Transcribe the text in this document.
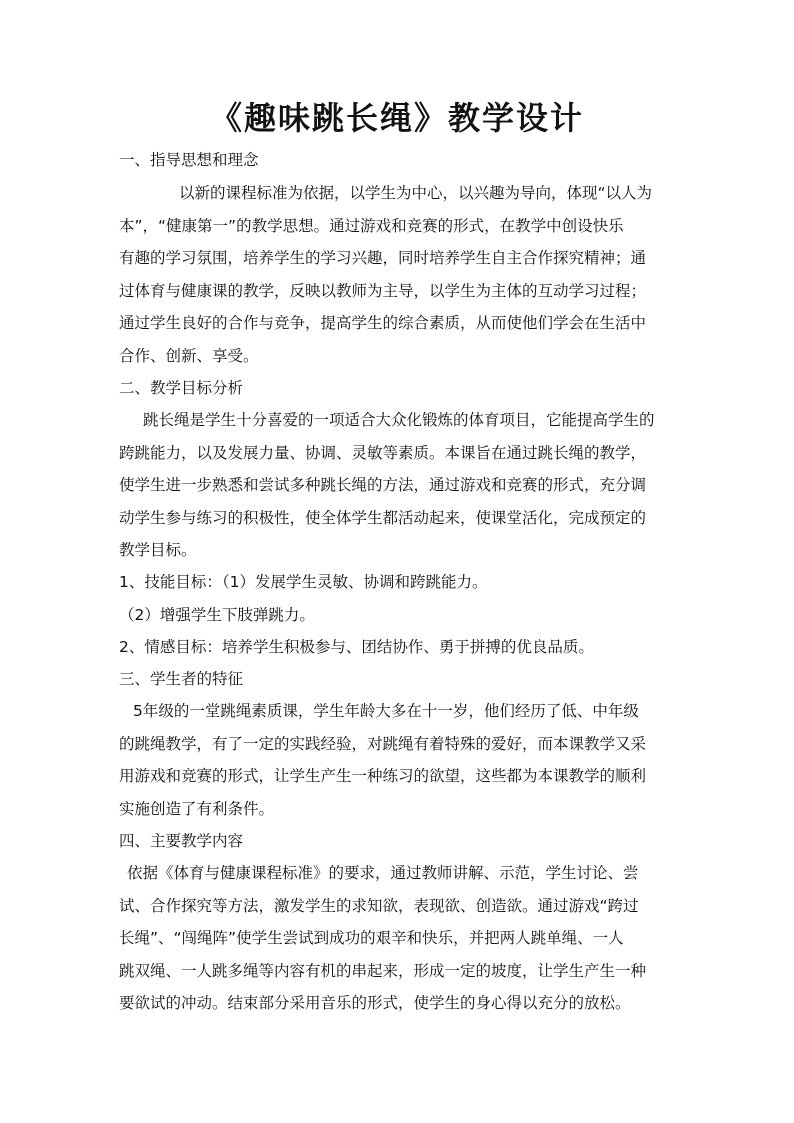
《趣味跳长绳》教学设计
一、指导思想和理念
以新的课程标准为依据，以学生为中心，以兴趣为导向，体现“以人为
本”，“健康第一”的教学思想。通过游戏和竞赛的形式，在教学中创设快乐
有趣的学习氛围，培养学生的学习兴趣，同时培养学生自主合作探究精神；通
过体育与健康课的教学，反映以教师为主导，以学生为主体的互动学习过程；
通过学生良好的合作与竞争，提高学生的综合素质，从而使他们学会在生活中
合作、创新、享受。
二、教学目标分析
跳长绳是学生十分喜爱的一项适合大众化锻炼的体育项目，它能提高学生的
跨跳能力，以及发展力量、协调、灵敏等素质。本课旨在通过跳长绳的教学，
使学生进一步熟悉和尝试多种跳长绳的方法，通过游戏和竞赛的形式，充分调
动学生参与练习的积极性，使全体学生都活动起来，使课堂活化，完成预定的
教学目标。
1、技能目标：（1）发展学生灵敏、协调和跨跳能力。
（2）增强学生下肢弹跳力。
2、情感目标：培养学生积极参与、团结协作、勇于拼搏的优良品质。
三、学生者的特征
5年级的一堂跳绳素质课，学生年龄大多在十一岁，他们经历了低、中年级
的跳绳教学，有了一定的实践经验，对跳绳有着特殊的爱好，而本课教学又采
用游戏和竞赛的形式，让学生产生一种练习的欲望，这些都为本课教学的顺利
实施创造了有利条件。
四、主要教学内容
依据《体育与健康课程标准》的要求，通过教师讲解、示范，学生讨论、尝
试、合作探究等方法，激发学生的求知欲，表现欲、创造欲。通过游戏“跨过
长绳”、“闯绳阵”使学生尝试到成功的艰辛和快乐，并把两人跳单绳、一人
跳双绳、一人跳多绳等内容有机的串起来，形成一定的坡度，让学生产生一种
要欲试的冲动。结束部分采用音乐的形式，使学生的身心得以充分的放松。
